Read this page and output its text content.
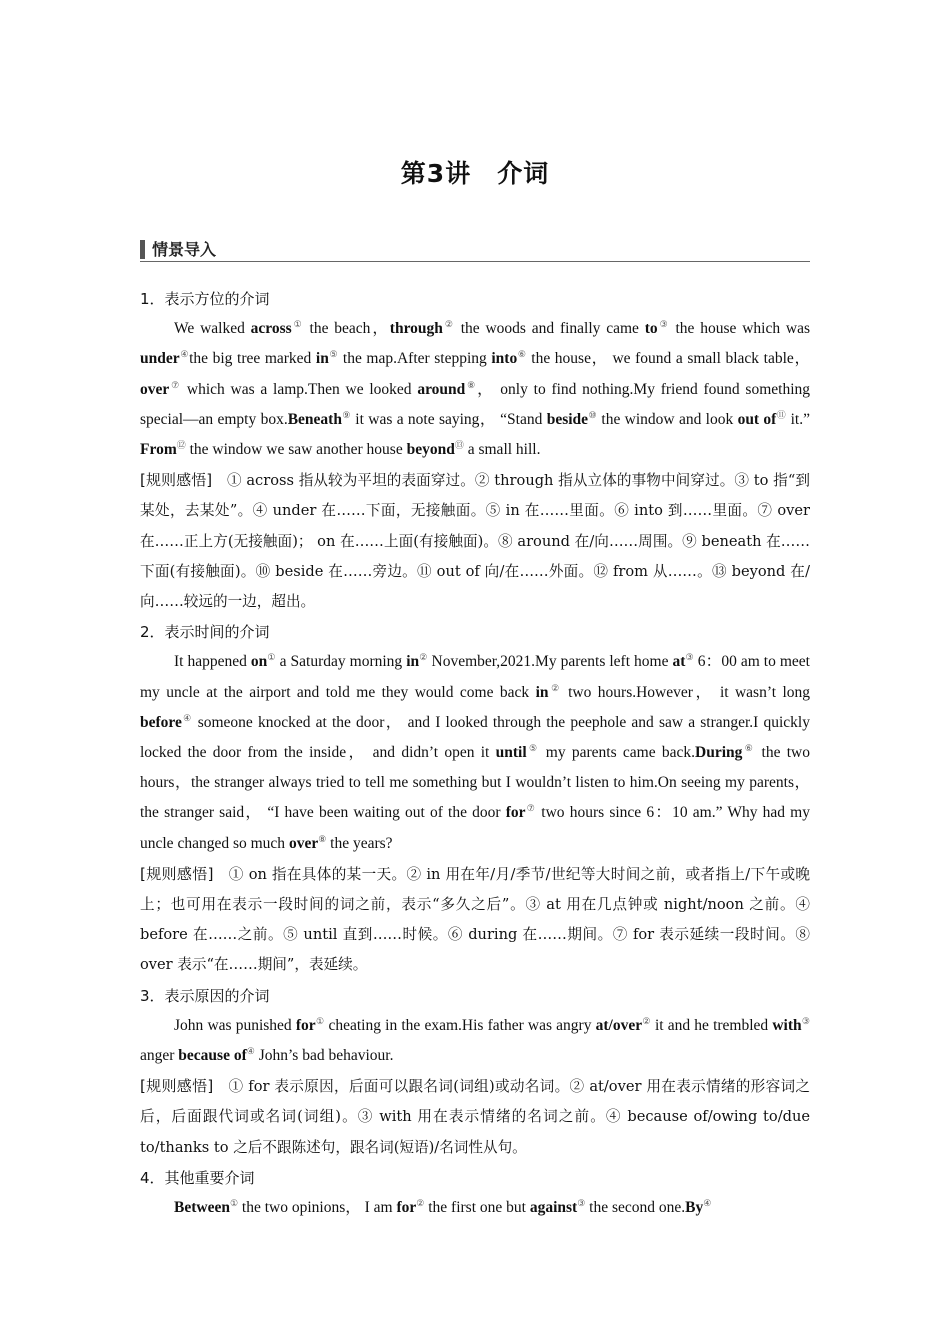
第3讲　介词
情景导入
1．表示方位的介词
We walked across① the beach，through② the woods and finally came to③ the house which was under④the big tree marked in⑤ the map.After stepping into⑥ the house， we found a small black table，over⑦ which was a lamp.Then we looked around⑧， only to find nothing.My friend found something special—an empty box.Beneath⑨ it was a note saying， “Stand beside⑩ the window and look out of⑪ it.” From⑫ the window we saw another house beyond⑬ a small hill.
[规则感悟]　 ① across 指从较为平坦的表面穿过。② through 指从立体的事物中间穿过。③ to 指“到某处，去某处”。④ under 在……下面，无接触面。⑤ in 在……里面。⑥ into 到……里面。⑦ over 在……正上方(无接触面)； on 在……上面(有接触面)。⑧ around 在/向……周围。⑨ beneath 在……下面(有接触面)。⑩ beside 在……旁边。⑪ out of 向/在……外面。⑫ from 从……。⑬ beyond 在/向……较远的一边，超出。
2．表示时间的介词
It happened on① a Saturday morning in② November,2021.My parents left home at③ 6：00 am to meet my uncle at the airport and told me they would come back in② two hours.However， it wasn’t long before④ someone knocked at the door， and I looked through the peephole and saw a stranger.I quickly locked the door from the inside， and didn’t open it until⑤ my parents came back.During⑥ the two hours，the stranger always tried to tell me something but I wouldn’t listen to him.On seeing my parents， the stranger said， “I have been waiting out of the door for⑦ two hours since 6：10 am.” Why had my uncle changed so much over⑧ the years?
[规则感悟]　 ① on 指在具体的某一天。② in 用在年/月/季节/世纪等大时间之前，或者指上/下午或晚上；也可用在表示一段时间的词之前，表示“多久之后”。③ at 用在几点钟或 night/noon 之前。④ before 在……之前。⑤ until 直到……时候。⑥ during 在……期间。⑦ for 表示延续一段时间。⑧ over 表示“在……期间”，表延续。
3．表示原因的介词
John was punished for① cheating in the exam.His father was angry at/over② it and he trembled with③ anger because of④ John’s bad behaviour.
[规则感悟]　 ① for 表示原因，后面可以跟名词(词组)或动名词。② at/over 用在表示情绪的形容词之后，后面跟代词或名词(词组)。③ with 用在表示情绪的名词之前。④ because of/owing to/due to/thanks to 之后不跟陈述句，跟名词(短语)/名词性从句。
4．其他重要介词
Between① the two opinions， I am for② the first one but against③ the second one.By④
